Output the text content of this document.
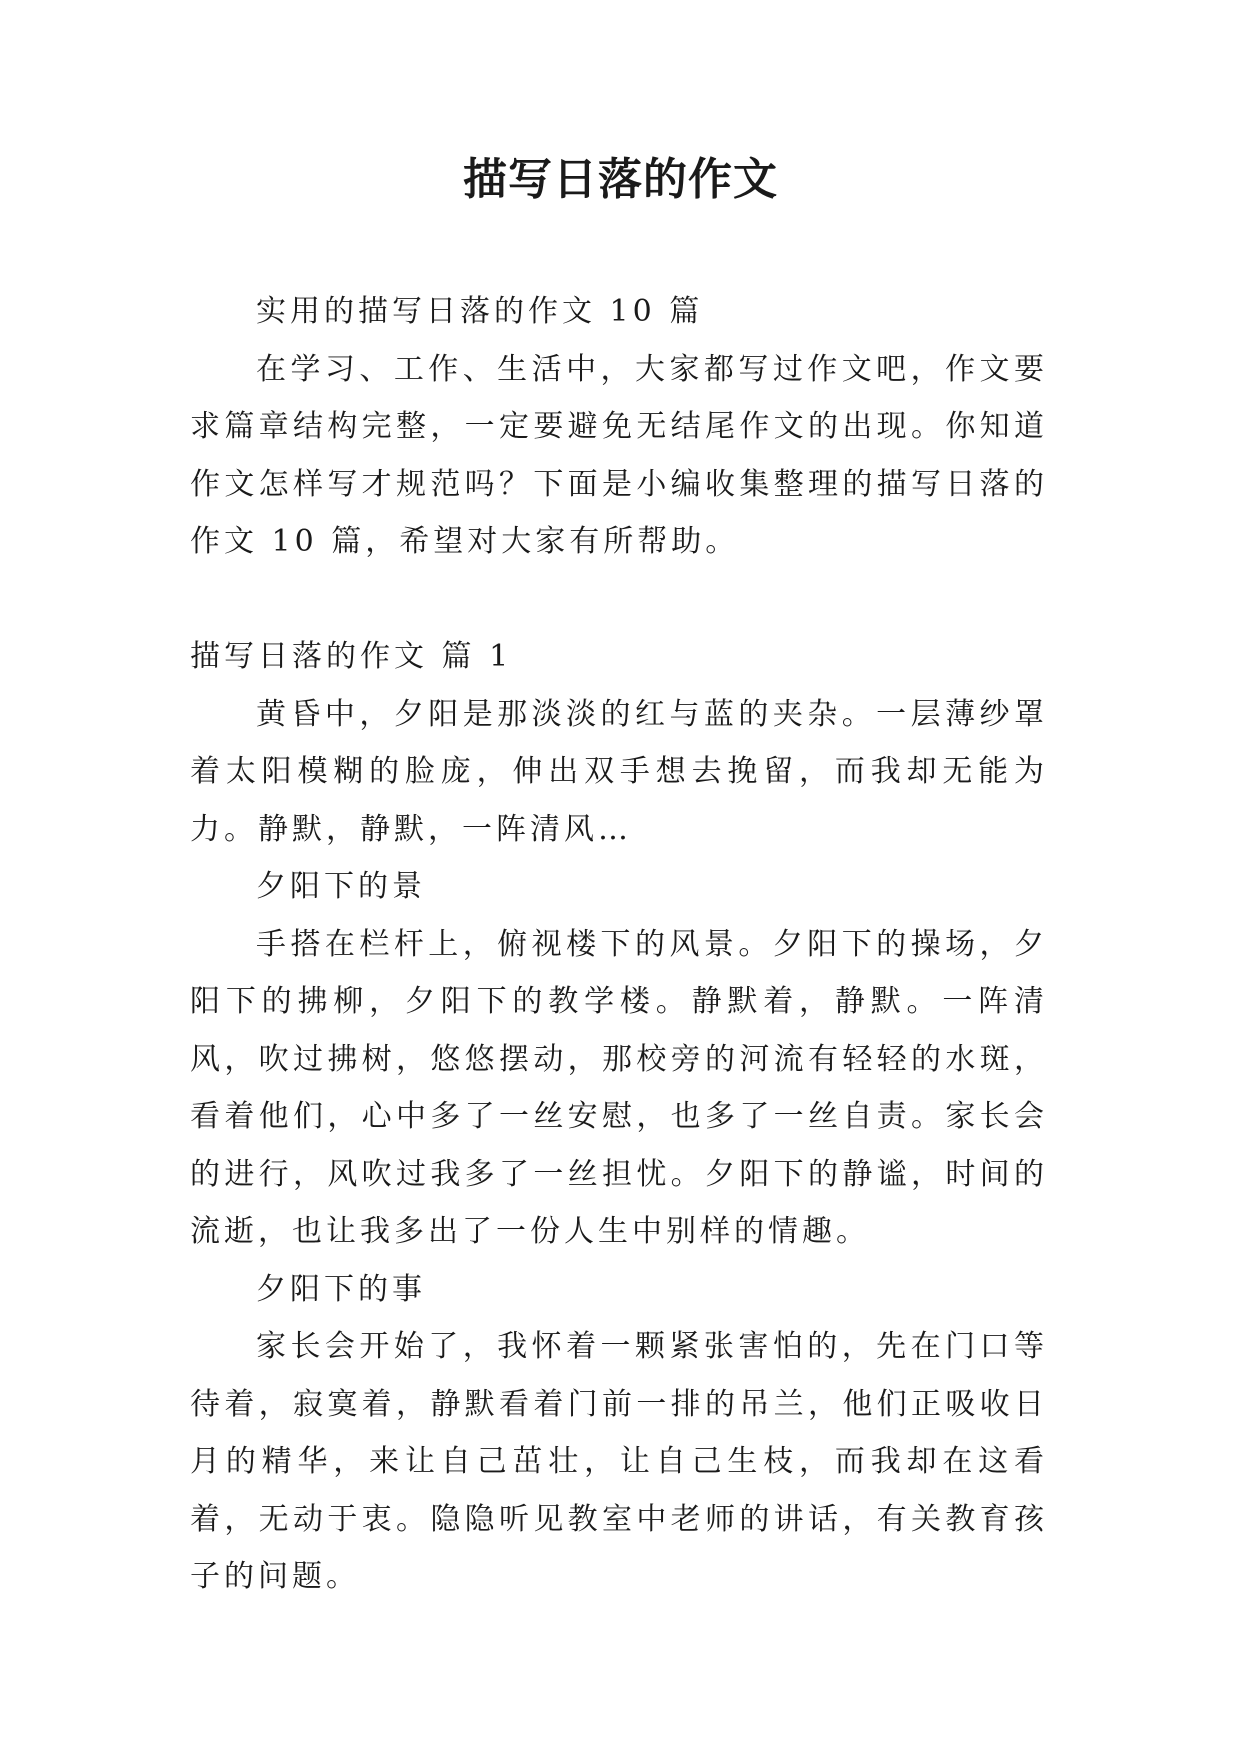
描写日落的作文

实用的描写日落的作文 10 篇

在学习、工作、生活中，大家都写过作文吧，作文要求篇章结构完整，一定要避免无结尾作文的出现。你知道作文怎样写才规范吗？下面是小编收集整理的描写日落的作文 10 篇，希望对大家有所帮助。

描写日落的作文 篇 1

黄昏中，夕阳是那淡淡的红与蓝的夹杂。一层薄纱罩着太阳模糊的脸庞，伸出双手想去挽留，而我却无能为力。静默，静默，一阵清风…

夕阳下的景

手搭在栏杆上，俯视楼下的风景。夕阳下的操场，夕阳下的拂柳，夕阳下的教学楼。静默着，静默。一阵清风，吹过拂树，悠悠摆动，那校旁的河流有轻轻的水斑，看着他们，心中多了一丝安慰，也多了一丝自责。家长会的进行，风吹过我多了一丝担忧。夕阳下的静谧，时间的流逝，也让我多出了一份人生中别样的情趣。

夕阳下的事

家长会开始了，我怀着一颗紧张害怕的，先在门口等待着，寂寞着，静默看着门前一排的吊兰，他们正吸收日月的精华，来让自己茁壮，让自己生枝，而我却在这看着，无动于衷。隐隐听见教室中老师的讲话，有关教育孩子的问题。
